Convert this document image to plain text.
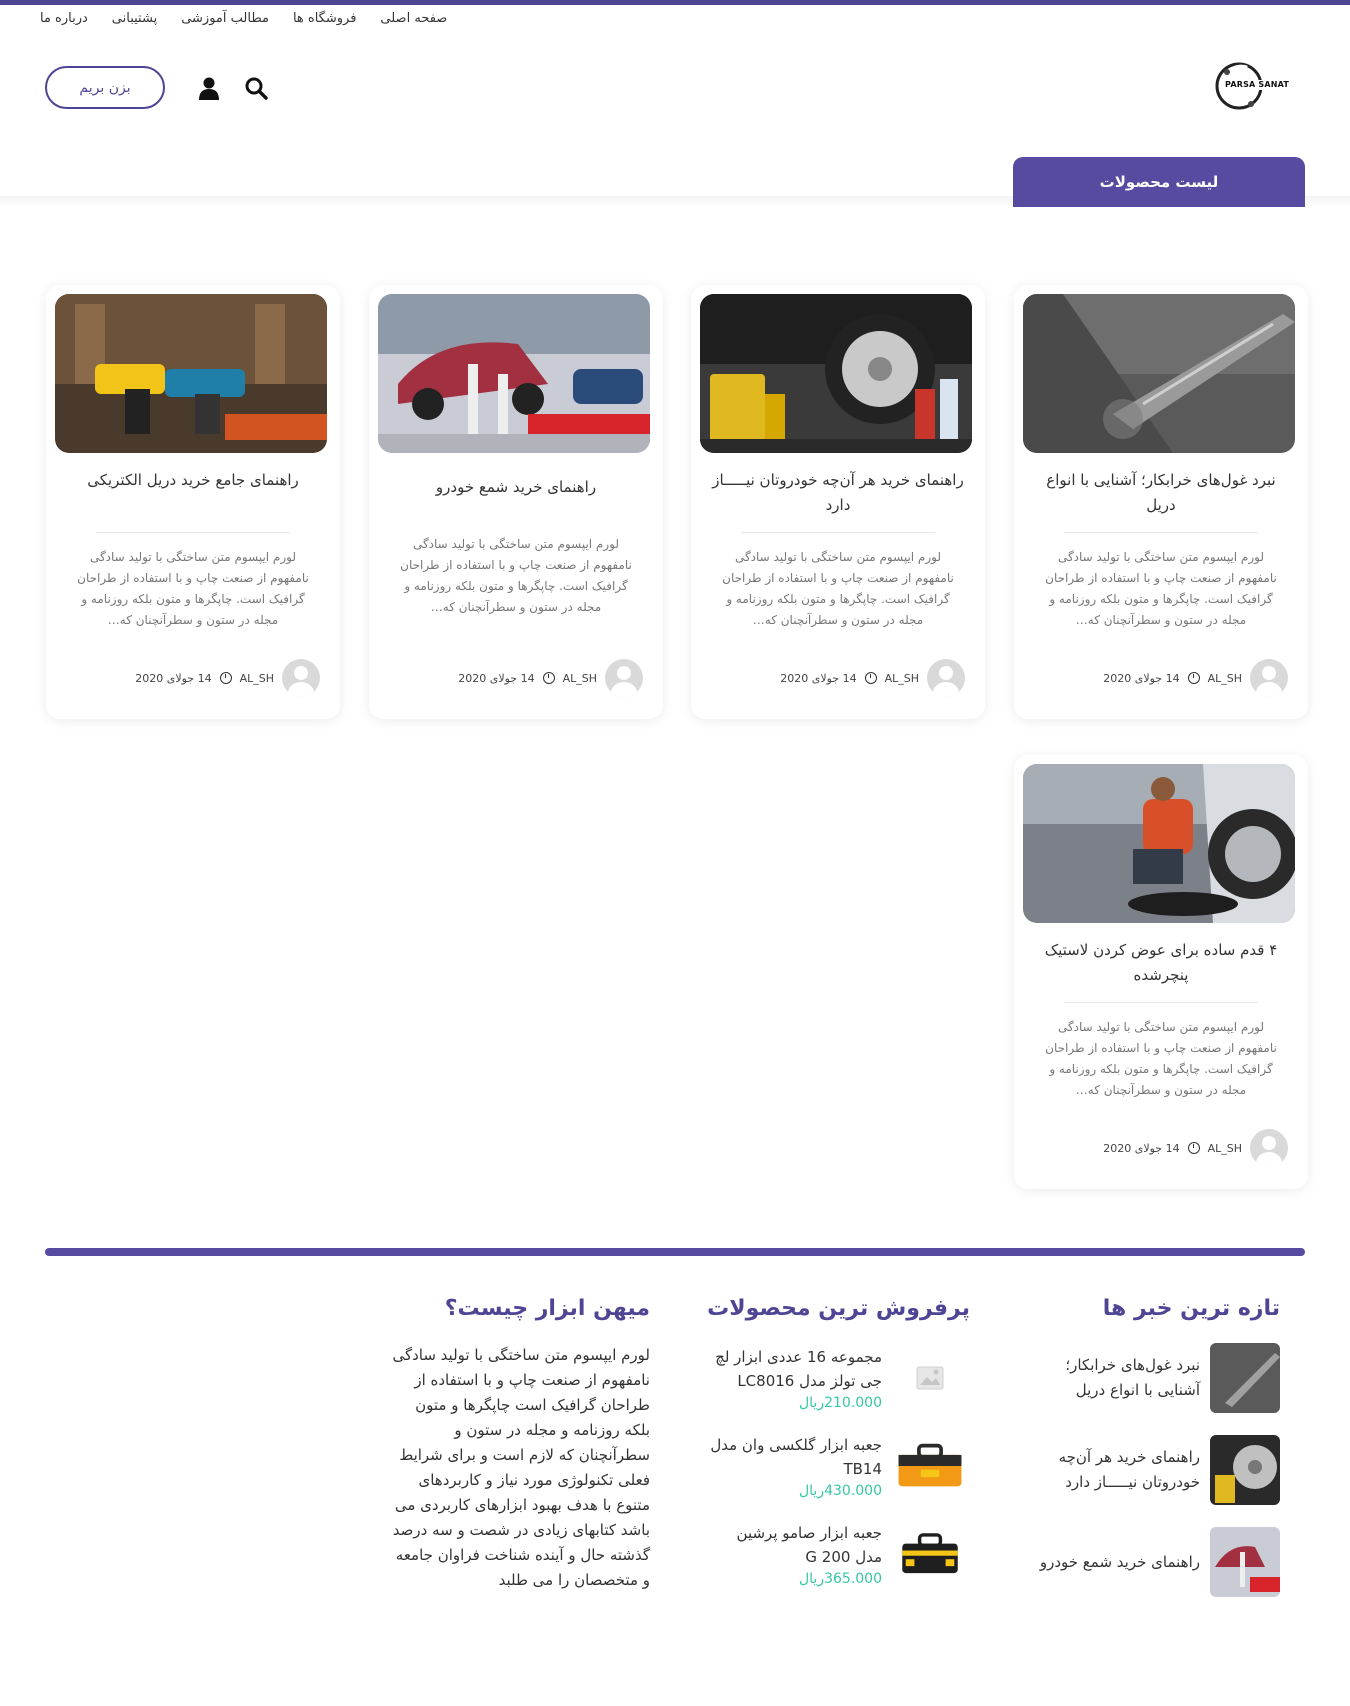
صفحه اصلی
فروشگاه ها
مطالب آموزشی
پشتیبانی
درباره ما
PARSA SANAT
بزن بریم
لیست محصولات
نبرد غول‌های خرابکار؛ آشنایی با انواع دریل
لورم ایپسوم متن ساختگی با تولید سادگی نامفهوم از صنعت چاپ و با استفاده از طراحان گرافیک است. چاپگرها و متون بلکه روزنامه و مجله در ستون و سطرآنچنان که…
AL_SH
14 جولای 2020
راهنمای خرید هر آن‌چه خودروتان نیـــــاز دارد
لورم ایپسوم متن ساختگی با تولید سادگی نامفهوم از صنعت چاپ و با استفاده از طراحان گرافیک است. چاپگرها و متون بلکه روزنامه و مجله در ستون و سطرآنچنان که…
AL_SH
14 جولای 2020
راهنمای خرید شمع خودرو
لورم ایپسوم متن ساختگی با تولید سادگی نامفهوم از صنعت چاپ و با استفاده از طراحان گرافیک است. چاپگرها و متون بلکه روزنامه و مجله در ستون و سطرآنچنان که…
AL_SH
14 جولای 2020
راهنمای جامع خرید دریل الکتریکی
لورم ایپسوم متن ساختگی با تولید سادگی نامفهوم از صنعت چاپ و با استفاده از طراحان گرافیک است. چاپگرها و متون بلکه روزنامه و مجله در ستون و سطرآنچنان که…
AL_SH
14 جولای 2020
۴ قدم ساده برای عوض کردن لاستیک پنچرشده
لورم ایپسوم متن ساختگی با تولید سادگی نامفهوم از صنعت چاپ و با استفاده از طراحان گرافیک است. چاپگرها و متون بلکه روزنامه و مجله در ستون و سطرآنچنان که…
AL_SH
14 جولای 2020
تازه ترین خبر ها
نبرد غول‌های خرابکار؛ آشنایی با انواع دریل
راهنمای خرید هر آن‌چه خودروتان نیـــــاز دارد
راهنمای خرید شمع خودرو
پرفروش ترین محصولات
مجموعه 16 عددی ابزار لچ جی تولز مدل LC8016
210.000ریال
جعبه ابزار گلکسی وان مدل TB14
430.000ریال
جعبه ابزار صامو پرشین مدل G 200
365.000ریال
میهن ابزار چیست؟
لورم ایپسوم متن ساختگی با تولید سادگی نامفهوم از صنعت چاپ و با استفاده از طراحان گرافیک است چاپگرها و متون بلکه روزنامه و مجله در ستون و سطرآنچنان که لازم است و برای شرایط فعلی تکنولوژی مورد نیاز و کاربردهای متنوع با هدف بهبود ابزارهای کاربردی می باشد کتابهای زیادی در شصت و سه درصد گذشته حال و آینده شناخت فراوان جامعه و متخصصان را می طلبد
